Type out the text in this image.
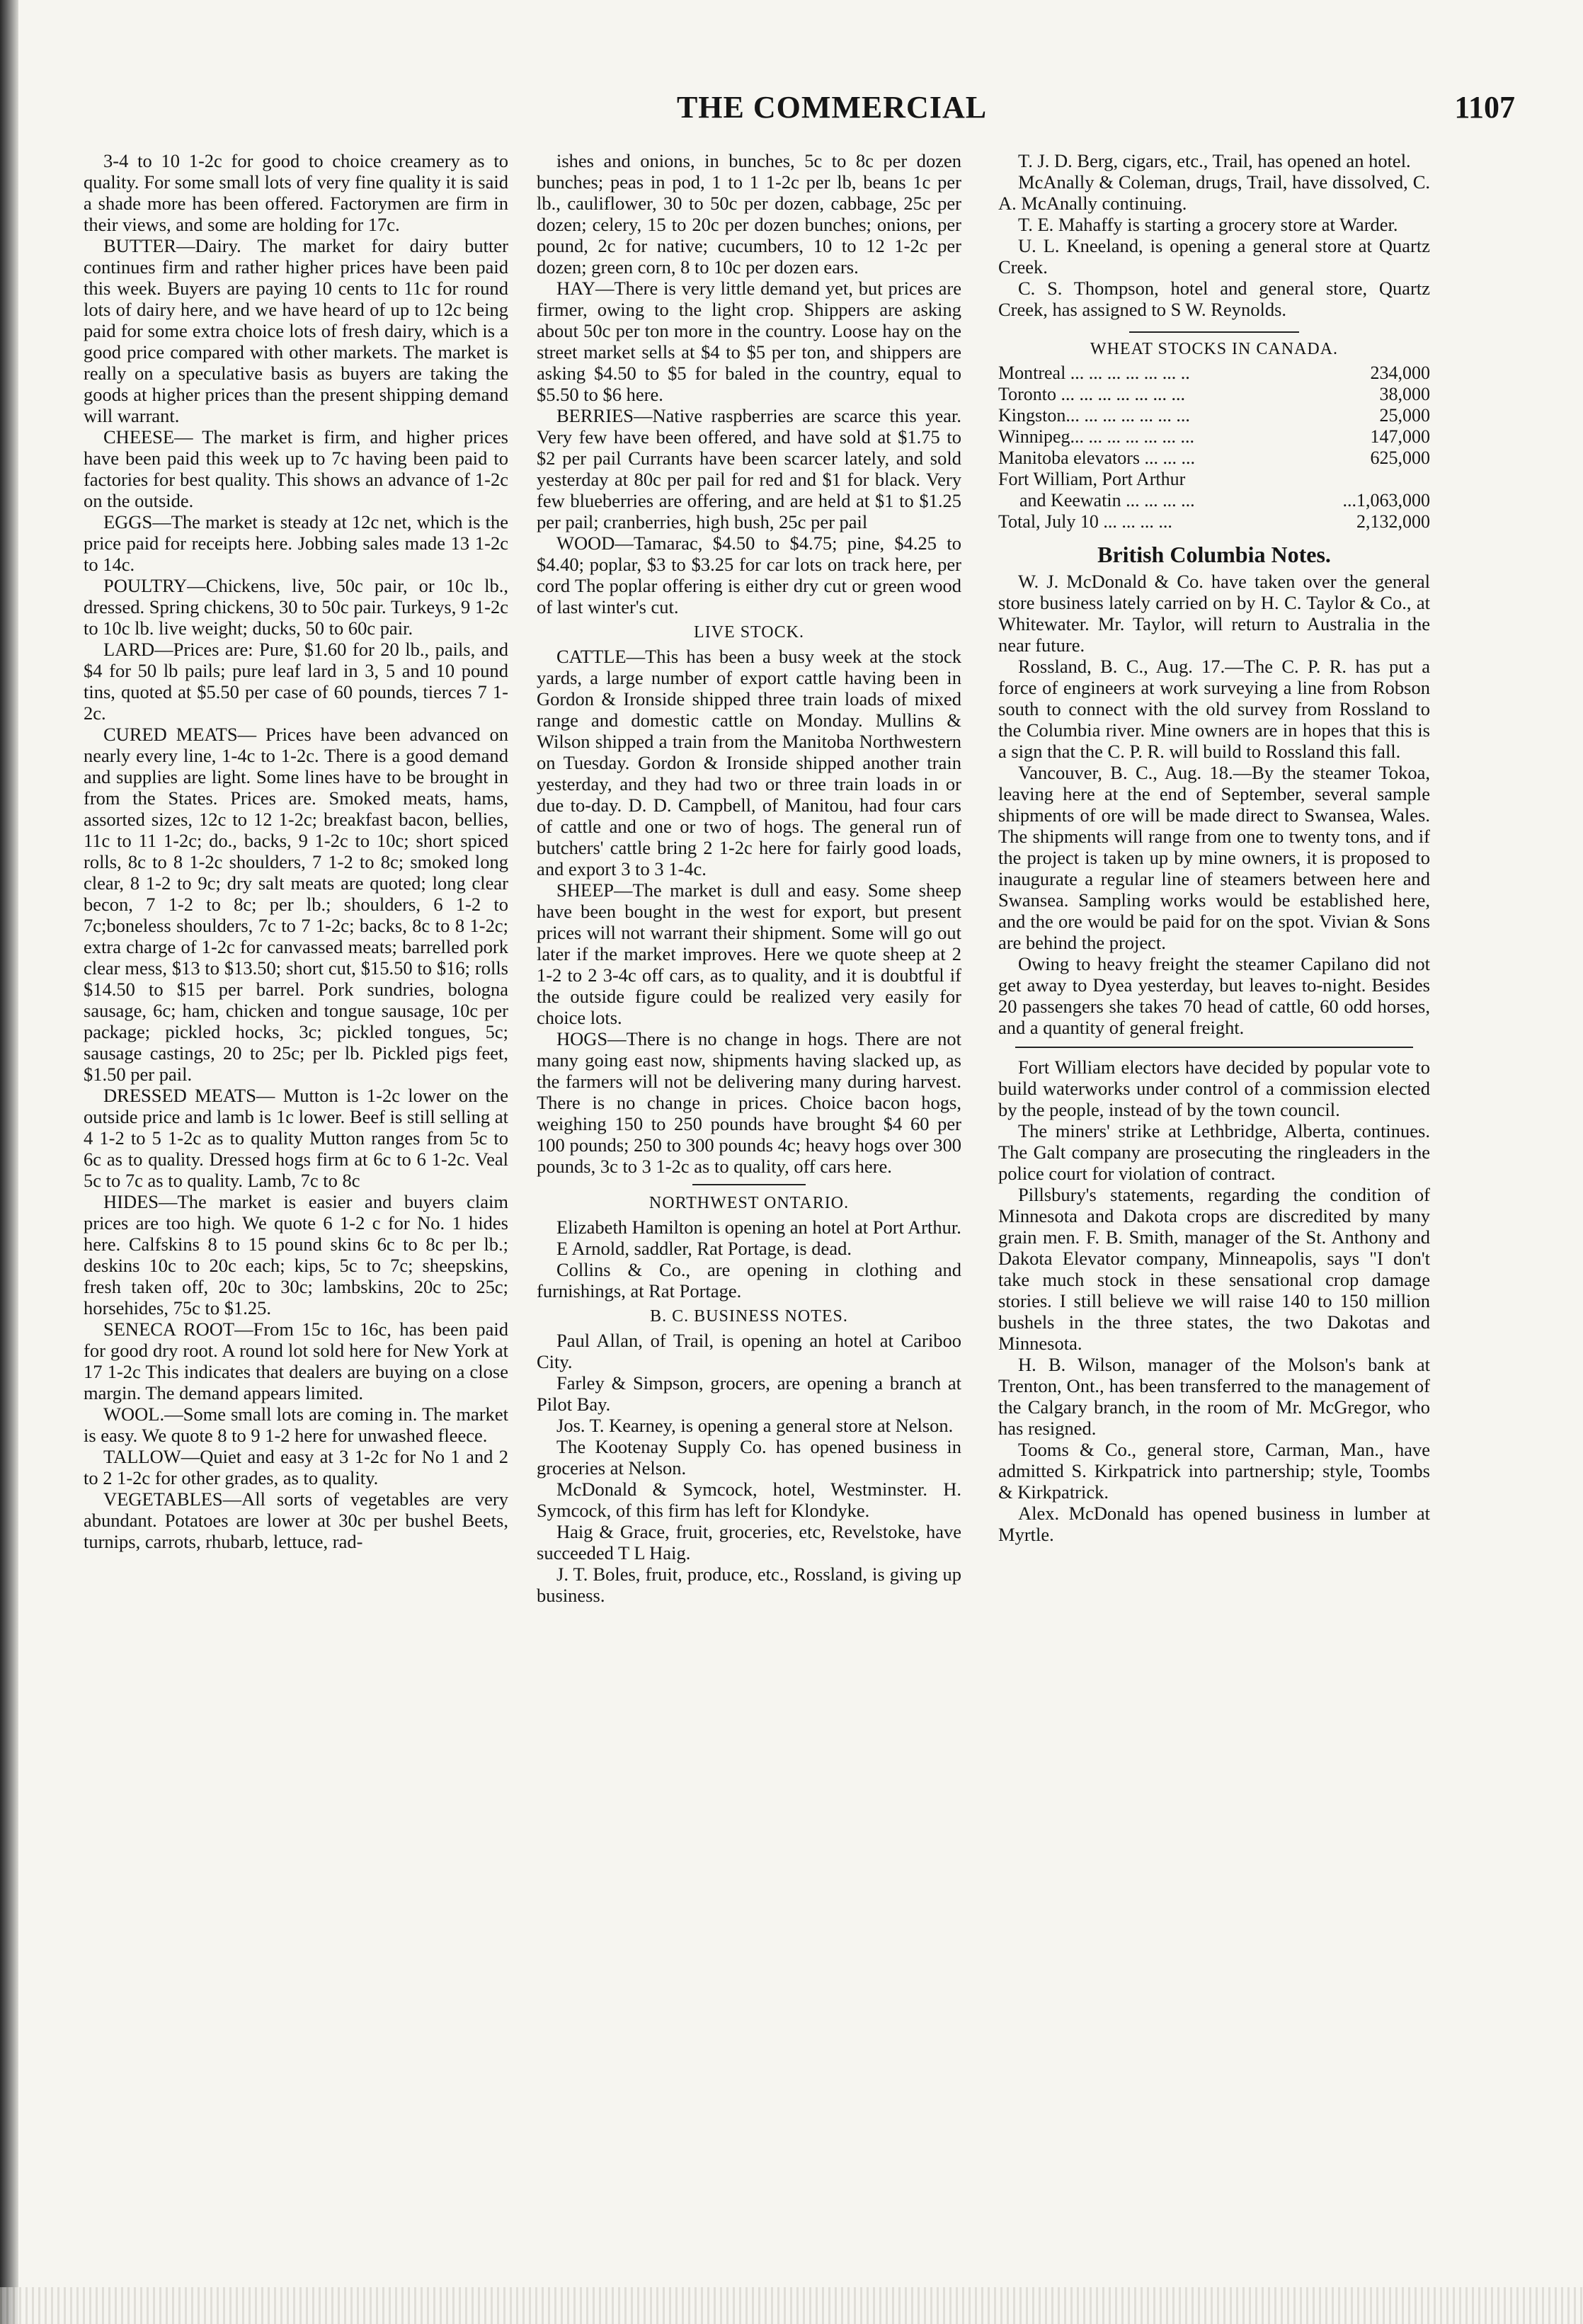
THE COMMERCIAL	1107

3-4 to 10 1-2c for good to choice creamery as to quality. For some small lots of very fine quality it is said a shade more has been offered. Factorymen are firm in their views, and some are holding for 17c.

BUTTER—Dairy. The market for dairy butter continues firm and rather higher prices have been paid this week. Buyers are paying 10 cents to 11c for round lots of dairy here, and we have heard of up to 12c being paid for some extra choice lots of fresh dairy, which is a good price compared with other markets. The market is really on a speculative basis as buyers are taking the goods at higher prices than the present shipping demand will warrant.

CHEESE— The market is firm, and higher prices have been paid this week up to 7c having been paid to factories for best quality. This shows an advance of 1-2c on the outside.

EGGS—The market is steady at 12c net, which is the price paid for receipts here. Jobbing sales made 13 1-2c to 14c.

POULTRY—Chickens, live, 50c pair, or 10c lb., dressed. Spring chickens, 30 to 50c pair. Turkeys, 9 1-2c to 10c lb. live weight; ducks, 50 to 60c pair.

LARD—Prices are: Pure, $1.60 for 20 lb., pails, and $4 for 50 lb pails; pure leaf lard in 3, 5 and 10 pound tins, quoted at $5.50 per case of 60 pounds, tierces 7 1-2c.

CURED MEATS— Prices have been advanced on nearly every line, 1-4c to 1-2c. There is a good demand and supplies are light. Some lines have to be brought in from the States. Prices are. Smoked meats, hams, assorted sizes, 12c to 12 1-2c; breakfast bacon, bellies, 11c to 11 1-2c; do., backs, 9 1-2c to 10c; short spiced rolls, 8c to 8 1-2c shoulders, 7 1-2 to 8c; smoked long clear, 8 1-2 to 9c; dry salt meats are quoted; long clear becon, 7 1-2 to 8c; per lb.; shoulders, 6 1-2 to 7c;boneless shoulders, 7c to 7 1-2c; backs, 8c to 8 1-2c; extra charge of 1-2c for canvassed meats; barrelled pork clear mess, $13 to $13.50; short cut, $15.50 to $16; rolls $14.50 to $15 per barrel. Pork sundries, bologna sausage, 6c; ham, chicken and tongue sausage, 10c per package; pickled hocks, 3c; pickled tongues, 5c; sausage castings, 20 to 25c; per lb. Pickled pigs feet, $1.50 per pail.

DRESSED MEATS— Mutton is 1-2c lower on the outside price and lamb is 1c lower. Beef is still selling at 4 1-2 to 5 1-2c as to quality Mutton ranges from 5c to 6c as to quality. Dressed hogs firm at 6c to 6 1-2c. Veal 5c to 7c as to quality. Lamb, 7c to 8c

HIDES—The market is easier and buyers claim prices are too high. We quote 6 1-2 c for No. 1 hides here. Calfskins 8 to 15 pound skins 6c to 8c per lb.; deskins 10c to 20c each; kips, 5c to 7c; sheepskins, fresh taken off, 20c to 30c; lambskins, 20c to 25c; horsehides, 75c to $1.25.

SENECA ROOT—From 15c to 16c, has been paid for good dry root. A round lot sold here for New York at 17 1-2c This indicates that dealers are buying on a close margin. The demand appears limited.

WOOL.—Some small lots are coming in. The market is easy. We quote 8 to 9 1-2 here for unwashed fleece.

TALLOW—Quiet and easy at 3 1-2c for No 1 and 2 to 2 1-2c for other grades, as to quality.

VEGETABLES—All sorts of vegetables are very abundant. Potatoes are lower at 30c per bushel Beets, turnips, carrots, rhubarb, lettuce, rad-

ishes and onions, in bunches, 5c to 8c per dozen bunches; peas in pod, 1 to 1 1-2c per lb, beans 1c per lb., cauliflower, 30 to 50c per dozen, cabbage, 25c per dozen; celery, 15 to 20c per dozen bunches; onions, per pound, 2c for native; cucumbers, 10 to 12 1-2c per dozen; green corn, 8 to 10c per dozen ears.

HAY—There is very little demand yet, but prices are firmer, owing to the light crop. Shippers are asking about 50c per ton more in the country. Loose hay on the street market sells at $4 to $5 per ton, and shippers are asking $4.50 to $5 for baled in the country, equal to $5.50 to $6 here.

BERRIES—Native raspberries are scarce this year. Very few have been offered, and have sold at $1.75 to $2 per pail Currants have been scarcer lately, and sold yesterday at 80c per pail for red and $1 for black. Very few blueberries are offering, and are held at $1 to $1.25 per pail; cranberries, high bush, 25c per pail

WOOD—Tamarac, $4.50 to $4.75; pine, $4.25 to $4.40; poplar, $3 to $3.25 for car lots on track here, per cord The poplar offering is either dry cut or green wood of last winter's cut.

LIVE STOCK.

CATTLE—This has been a busy week at the stock yards, a large number of export cattle having been in Gordon & Ironside shipped three train loads of mixed range and domestic cattle on Monday. Mullins & Wilson shipped a train from the Manitoba Northwestern on Tuesday. Gordon & Ironside shipped another train yesterday, and they had two or three train loads in or due to-day. D. D. Campbell, of Manitou, had four cars of cattle and one or two of hogs. The general run of butchers' cattle bring 2 1-2c here for fairly good loads, and export 3 to 3 1-4c.

SHEEP—The market is dull and easy. Some sheep have been bought in the west for export, but present prices will not warrant their shipment. Some will go out later if the market improves. Here we quote sheep at 2 1-2 to 2 3-4c off cars, as to quality, and it is doubtful if the outside figure could be realized very easily for choice lots.

HOGS—There is no change in hogs. There are not many going east now, shipments having slacked up, as the farmers will not be delivering many during harvest. There is no change in prices. Choice bacon hogs, weighing 150 to 250 pounds have brought $4 60 per 100 pounds; 250 to 300 pounds 4c; heavy hogs over 300 pounds, 3c to 3 1-2c as to quality, off cars here.

NORTHWEST ONTARIO.

Elizabeth Hamilton is opening an hotel at Port Arthur.

E Arnold, saddler, Rat Portage, is dead.

Collins & Co., are opening in clothing and furnishings, at Rat Portage.

B. C. BUSINESS NOTES.

Paul Allan, of Trail, is opening an hotel at Cariboo City.

Farley & Simpson, grocers, are opening a branch at Pilot Bay.

Jos. T. Kearney, is opening a general store at Nelson.

The Kootenay Supply Co. has opened business in groceries at Nelson.

McDonald & Symcock, hotel, Westminster. H. Symcock, of this firm has left for Klondyke.

Haig & Grace, fruit, groceries, etc, Revelstoke, have succeeded T L Haig.

J. T. Boles, fruit, produce, etc., Rossland, is giving up business.

T. J. D. Berg, cigars, etc., Trail, has opened an hotel.

McAnally & Coleman, drugs, Trail, have dissolved, C. A. McAnally continuing.

T. E. Mahaffy is starting a grocery store at Warder.

U. L. Kneeland, is opening a general store at Quartz Creek.

C. S. Thompson, hotel and general store, Quartz Creek, has assigned to S W. Reynolds.

WHEAT STOCKS IN CANADA.
Montreal ... ... ... ... ... ... ..	234,000
Toronto ... ... ... ... ... ... ...	38,000
Kingston... ... ... ... ... ... ...	25,000
Winnipeg... ... ... ... ... ... ...	147,000
Manitoba elevators ... ... ...	625,000
Fort William, Port Arthur	
and Keewatin ... ... ... ...	...1,063,000
Total, July 10 ... ... ... ...	2,132,000
British Columbia Notes.

W. J. McDonald & Co. have taken over the general store business lately carried on by H. C. Taylor & Co., at Whitewater. Mr. Taylor, will return to Australia in the near future.

Rossland, B. C., Aug. 17.—The C. P. R. has put a force of engineers at work surveying a line from Robson south to connect with the old survey from Rossland to the Columbia river. Mine owners are in hopes that this is a sign that the C. P. R. will build to Rossland this fall.

Vancouver, B. C., Aug. 18.—By the steamer Tokoa, leaving here at the end of September, several sample shipments of ore will be made direct to Swansea, Wales. The shipments will range from one to twenty tons, and if the project is taken up by mine owners, it is proposed to inaugurate a regular line of steamers between here and Swansea. Sampling works would be established here, and the ore would be paid for on the spot. Vivian & Sons are behind the project.

Owing to heavy freight the steamer Capilano did not get away to Dyea yesterday, but leaves to-night. Besides 20 passengers she takes 70 head of cattle, 60 odd horses, and a quantity of general freight.

Fort William electors have decided by popular vote to build waterworks under control of a commission elected by the people, instead of by the town council.

The miners' strike at Lethbridge, Alberta, continues. The Galt company are prosecuting the ringleaders in the police court for violation of contract.

Pillsbury's statements, regarding the condition of Minnesota and Dakota crops are discredited by many grain men. F. B. Smith, manager of the St. Anthony and Dakota Elevator company, Minneapolis, says "I don't take much stock in these sensational crop damage stories. I still believe we will raise 140 to 150 million bushels in the three states, the two Dakotas and Minnesota.

H. B. Wilson, manager of the Molson's bank at Trenton, Ont., has been transferred to the management of the Calgary branch, in the room of Mr. McGregor, who has resigned.

Tooms & Co., general store, Carman, Man., have admitted S. Kirkpatrick into partnership; style, Toombs & Kirkpatrick.

Alex. McDonald has opened business in lumber at Myrtle.
